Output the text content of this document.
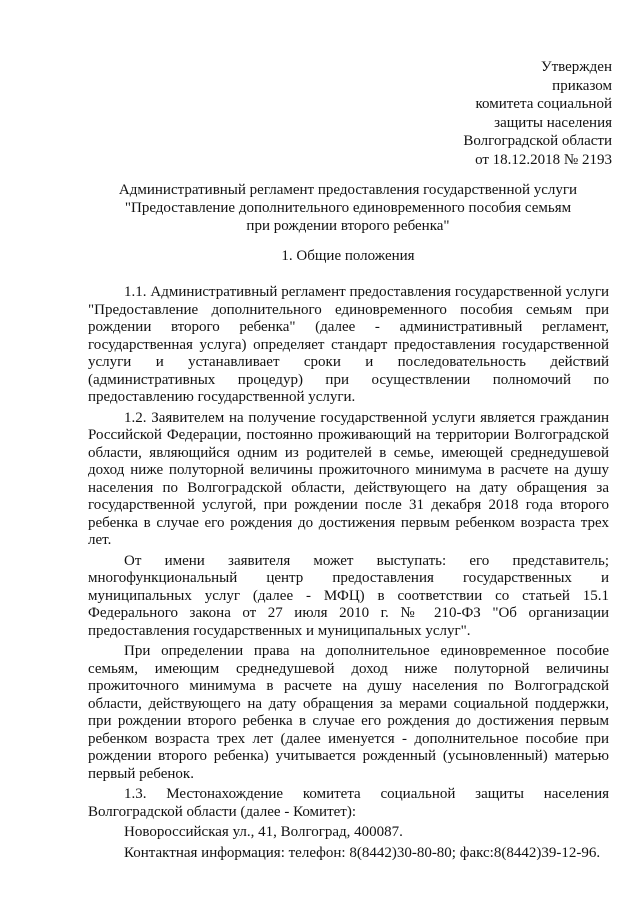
Утвержден
приказом
комитета социальной
защиты населения
Волгоградской области
от 18.12.2018 № 2193
Административный регламент предоставления государственной услуги
"Предоставление дополнительного единовременного пособия семьям
при рождении второго ребенка"
1. Общие положения

1.1. Административный регламент предоставления государственной услуги "Предоставление дополнительного единовременного пособия семьям при рождении второго ребенка" (далее - административный регламент, государственная услуга) определяет стандарт предоставления государственной услуги и устанавливает сроки и последовательность действий (административных процедур) при осуществлении полномочий по предоставлению государственной услуги.

1.2. Заявителем на получение государственной услуги является гражданин Российской Федерации, постоянно проживающий на территории Волгоградской области, являющийся одним из родителей в семье, имеющей среднедушевой доход ниже полуторной величины прожиточного минимума в расчете на душу населения по Волгоградской области, действующего на дату обращения за государственной услугой, при рождении после 31 декабря 2018 года второго ребенка в случае его рождения до достижения первым ребенком возраста трех лет.

От имени заявителя может выступать: его представитель; многофункциональный центр предоставления государственных и муниципальных услуг (далее - МФЦ) в соответствии со статьей 15.1 Федерального закона от 27 июля 2010 г. № 210-ФЗ "Об организации предоставления государственных и муниципальных услуг".

При определении права на дополнительное единовременное пособие семьям, имеющим среднедушевой доход ниже полуторной величины прожиточного минимума в расчете на душу населения по Волгоградской области, действующего на дату обращения за мерами социальной поддержки, при рождении второго ребенка в случае его рождения до достижения первым ребенком возраста трех лет (далее именуется - дополнительное пособие при рождении второго ребенка) учитывается рожденный (усыновленный) матерью первый ребенок.

1.3. Местонахождение комитета социальной защиты населения Волгоградской области (далее - Комитет):

Новороссийская ул., 41, Волгоград, 400087.

Контактная информация: телефон: 8(8442)30-80-80; факс:8(8442)39-12-96.
